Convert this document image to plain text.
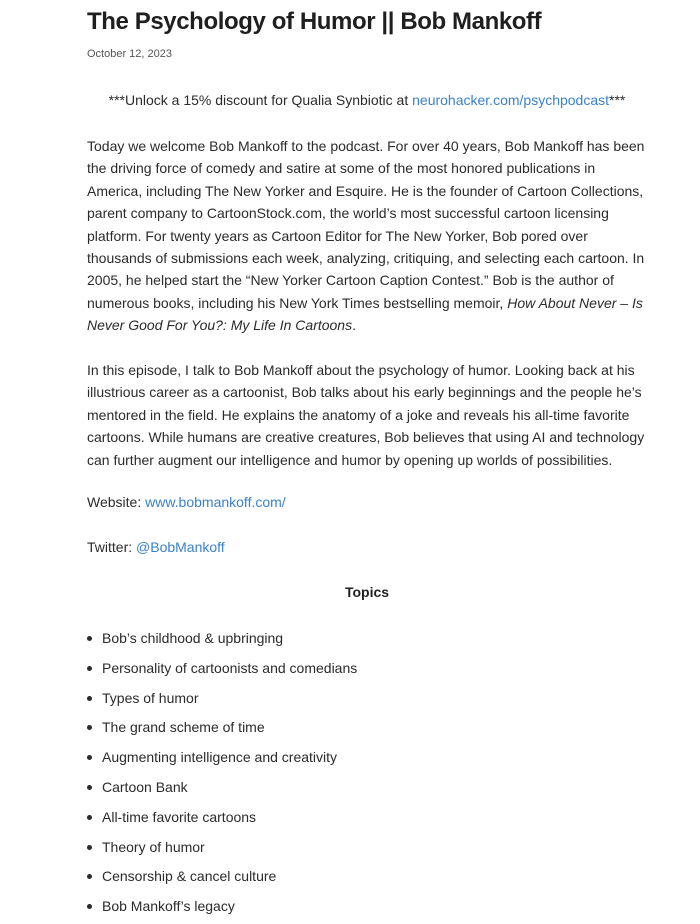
The Psychology of Humor || Bob Mankoff
October 12, 2023
***Unlock a 15% discount for Qualia Synbiotic at neurohacker.com/psychpodcast***
Today we welcome Bob Mankoff to the podcast. For over 40 years, Bob Mankoff has been
the driving force of comedy and satire at some of the most honored publications in
America, including The New Yorker and Esquire. He is the founder of Cartoon Collections,
parent company to CartoonStock.com, the world’s most successful cartoon licensing
platform. For twenty years as Cartoon Editor for The New Yorker, Bob pored over
thousands of submissions each week, analyzing, critiquing, and selecting each cartoon. In
2005, he helped start the “New Yorker Cartoon Caption Contest.” Bob is the author of
numerous books, including his New York Times bestselling memoir, How About Never – Is
Never Good For You?: My Life In Cartoons.
In this episode, I talk to Bob Mankoff about the psychology of humor. Looking back at his
illustrious career as a cartoonist, Bob talks about his early beginnings and the people he’s
mentored in the field. He explains the anatomy of a joke and reveals his all-time favorite
cartoons. While humans are creative creatures, Bob believes that using AI and technology
can further augment our intelligence and humor by opening up worlds of possibilities.
Website: www.bobmankoff.com/
Twitter: @BobMankoff
Topics
Bob’s childhood & upbringing
Personality of cartoonists and comedians
Types of humor
The grand scheme of time
Augmenting intelligence and creativity
Cartoon Bank
All-time favorite cartoons
Theory of humor
Censorship & cancel culture
Bob Mankoff’s legacy
